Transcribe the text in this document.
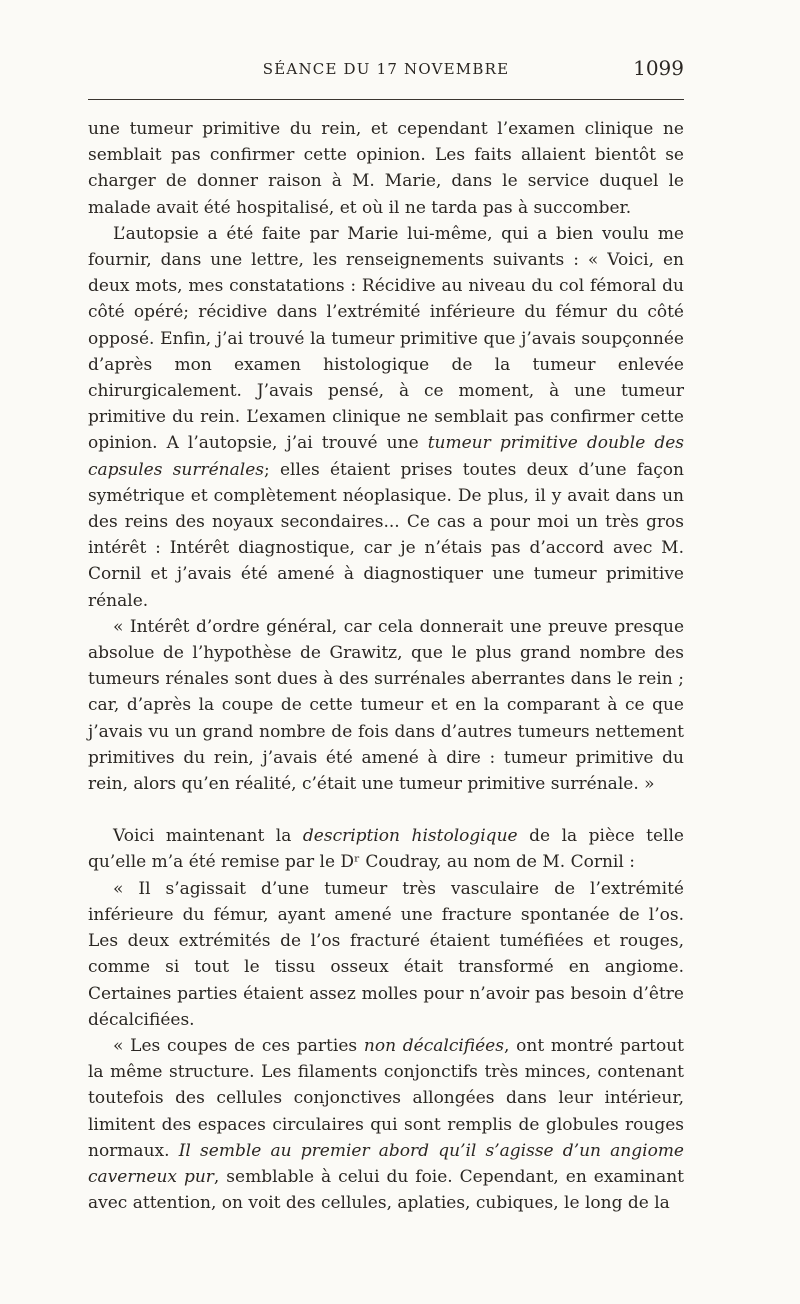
SÉANCE DU 17 NOVEMBRE	1099

une tumeur primitive du rein, et cependant l’examen clinique ne semblait pas confirmer cette opinion. Les faits allaient bientôt se charger de donner raison à M. Marie, dans le service duquel le malade avait été hospitalisé, et où il ne tarda pas à succomber.

L’autopsie a été faite par Marie lui-même, qui a bien voulu me fournir, dans une lettre, les renseignements suivants : « Voici, en deux mots, mes constatations : Récidive au niveau du col fémoral du côté opéré; récidive dans l’extrémité inférieure du fémur du côté opposé. Enfin, j’ai trouvé la tumeur primitive que j’avais soupçonnée d’après mon examen histologique de la tumeur enlevée chirurgicalement. J’avais pensé, à ce moment, à une tumeur primitive du rein. L’examen clinique ne semblait pas confirmer cette opinion. A l’autopsie, j’ai trouvé une tumeur primitive double des capsules surrénales; elles étaient prises toutes deux d’une façon symétrique et complètement néoplasique. De plus, il y avait dans un des reins des noyaux secondaires... Ce cas a pour moi un très gros intérêt : Intérêt diagnostique, car je n’étais pas d’accord avec M. Cornil et j’avais été amené à diagnostiquer une tumeur primitive rénale.

« Intérêt d’ordre général, car cela donnerait une preuve presque absolue de l’hypothèse de Grawitz, que le plus grand nombre des tumeurs rénales sont dues à des surrénales aberrantes dans le rein ; car, d’après la coupe de cette tumeur et en la comparant à ce que j’avais vu un grand nombre de fois dans d’autres tumeurs nettement primitives du rein, j’avais été amené à dire : tumeur primitive du rein, alors qu’en réalité, c’était une tumeur primitive surrénale. »

Voici maintenant la description histologique de la pièce telle qu’elle m’a été remise par le Dʳ Coudray, au nom de M. Cornil :

« Il s’agissait d’une tumeur très vasculaire de l’extrémité inférieure du fémur, ayant amené une fracture spontanée de l’os. Les deux extrémités de l’os fracturé étaient tuméfiées et rouges, comme si tout le tissu osseux était transformé en angiome. Certaines parties étaient assez molles pour n’avoir pas besoin d’être décalcifiées.

« Les coupes de ces parties non décalcifiées, ont montré partout la même structure. Les filaments conjonctifs très minces, contenant toutefois des cellules conjonctives allongées dans leur intérieur, limitent des espaces circulaires qui sont remplis de globules rouges normaux. Il semble au premier abord qu’il s’agisse d’un angiome caverneux pur, semblable à celui du foie. Cependant, en examinant avec attention, on voit des cellules, aplaties, cubiques, le long de la
